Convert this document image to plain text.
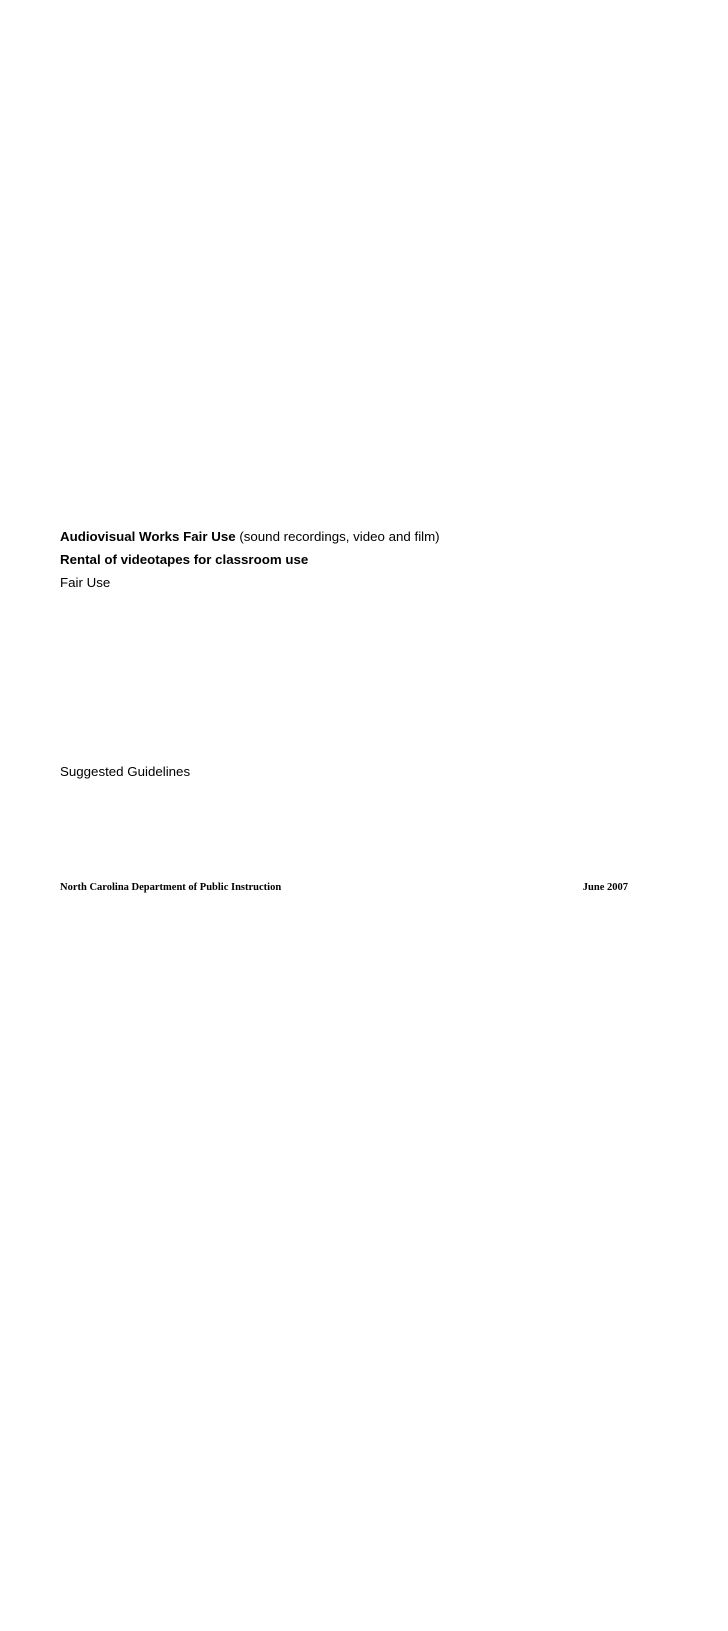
Audiovisual Works Fair Use (sound recordings, video and film)
Rental of videotapes for classroom use
Fair Use
Suggested Guidelines
North Carolina Department of Public Instruction	June 2007
